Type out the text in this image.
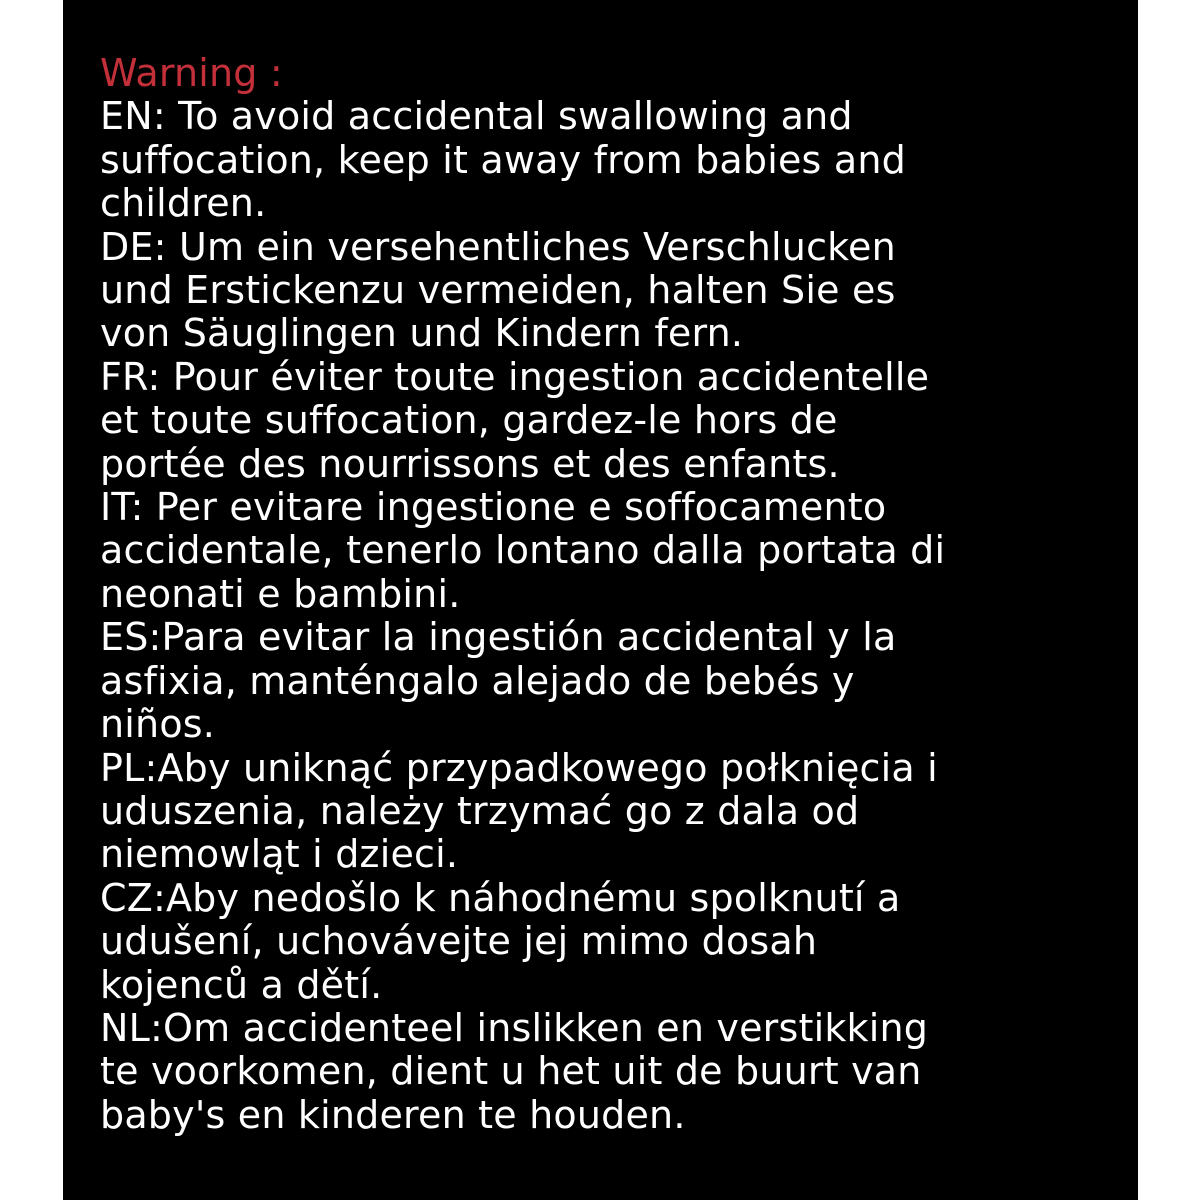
Warning :
EN: To avoid accidental swallowing and
suffocation, keep it away from babies and
children.
DE: Um ein versehentliches Verschlucken
und Erstickenzu vermeiden, halten Sie es
von Säuglingen und Kindern fern.
FR: Pour éviter toute ingestion accidentelle
et toute suffocation, gardez-le hors de
portée des nourrissons et des enfants.
IT: Per evitare ingestione e soffocamento
accidentale, tenerlo lontano dalla portata di
neonati e bambini.
ES:Para evitar la ingestión accidental y la
asfixia, manténgalo alejado de bebés y
niños.
PL:Aby uniknąć przypadkowego połknięcia i
uduszenia, należy trzymać go z dala od
niemowląt i dzieci.
CZ:Aby nedošlo k náhodnému spolknutí a
udušení, uchovávejte jej mimo dosah
kojenců a dětí.
NL:Om accidenteel inslikken en verstikking
te voorkomen, dient u het uit de buurt van
baby's en kinderen te houden.
